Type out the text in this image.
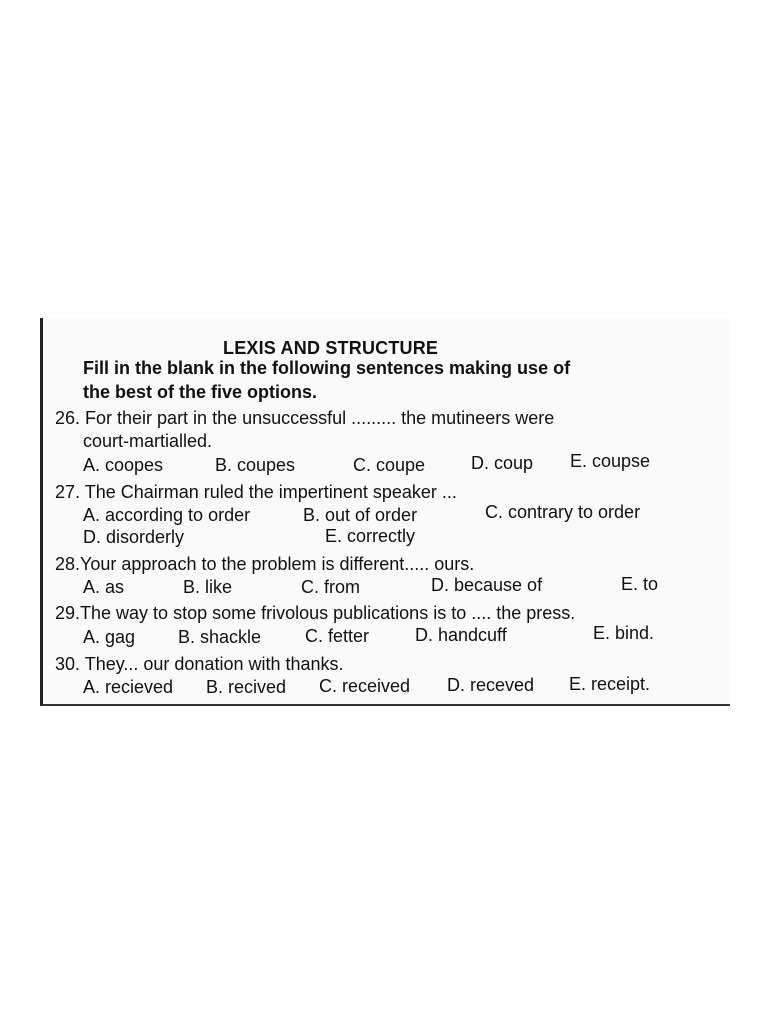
LEXIS AND STRUCTURE
Fill in the blank in the following sentences making use of
the best of the five options.
26. For their part in the unsuccessful ......... the mutineers were
court-martialled.
A. coopes	B. coupes	C. coupe	D. coup E. coupse
27. The Chairman ruled the impertinent speaker ...
A. according to order	B. out of order	C. contrary to order
D. disorderly	E. correctly
28.Your approach to the problem is different..... ours.
A. as	B. like	C. from	D. because of	E. to
29.The way to stop some frivolous publications is to .... the press.
A. gag B. shackle C. fetter	D. handcuff	E. bind.
30. They... our donation with thanks.
A. recieved B. recived C. received D. receved E. receipt.
